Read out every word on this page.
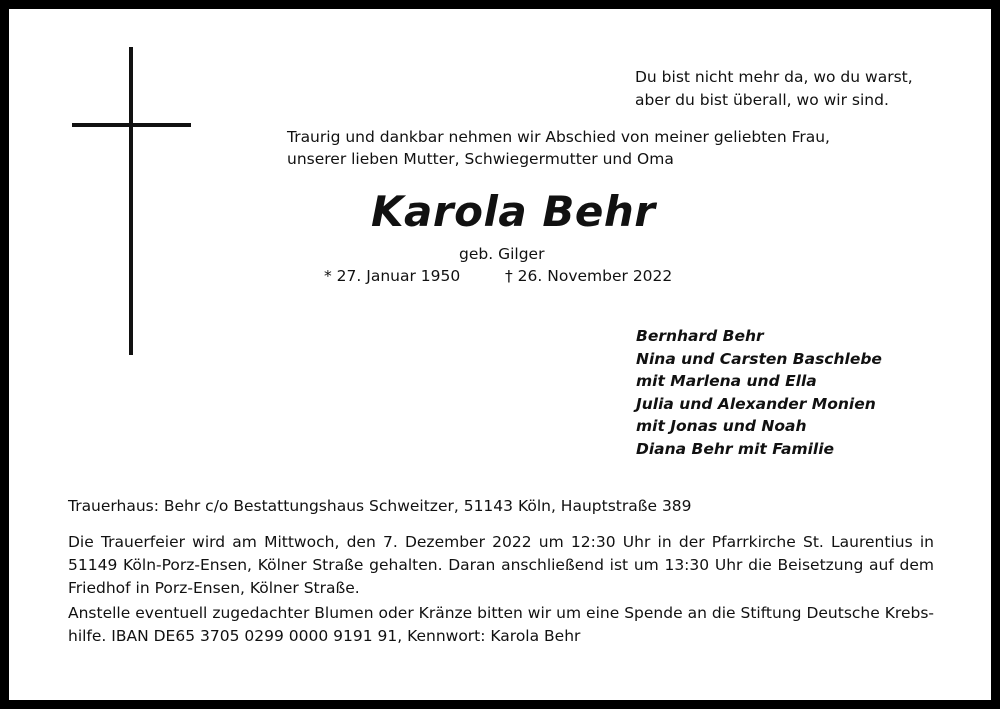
Du bist nicht mehr da, wo du warst,
aber du bist überall, wo wir sind.
Traurig und dankbar nehmen wir Abschied von meiner geliebten Frau,
unserer lieben Mutter, Schwiegermutter und Oma
Karola Behr
geb. Gilger
* 27. Januar 1950	† 26. November 2022
Bernhard Behr
Nina und Carsten Baschlebe
mit Marlena und Ella
Julia und Alexander Monien
mit Jonas und Noah
Diana Behr mit Familie
Trauerhaus: Behr c/o Bestattungshaus Schweitzer, 51143 Köln, Hauptstraße 389
Die Trauerfeier wird am Mittwoch, den 7. Dezember 2022 um 12:30 Uhr in der Pfarrkirche St. Laurentius in
51149 Köln-Porz-Ensen, Kölner Straße gehalten. Daran anschließend ist um 13:30 Uhr die Beisetzung auf dem
Friedhof in Porz-Ensen, Kölner Straße.
Anstelle eventuell zugedachter Blumen oder Kränze bitten wir um eine Spende an die Stiftung Deutsche Krebs-
hilfe. IBAN DE65 3705 0299 0000 9191 91, Kennwort: Karola Behr
